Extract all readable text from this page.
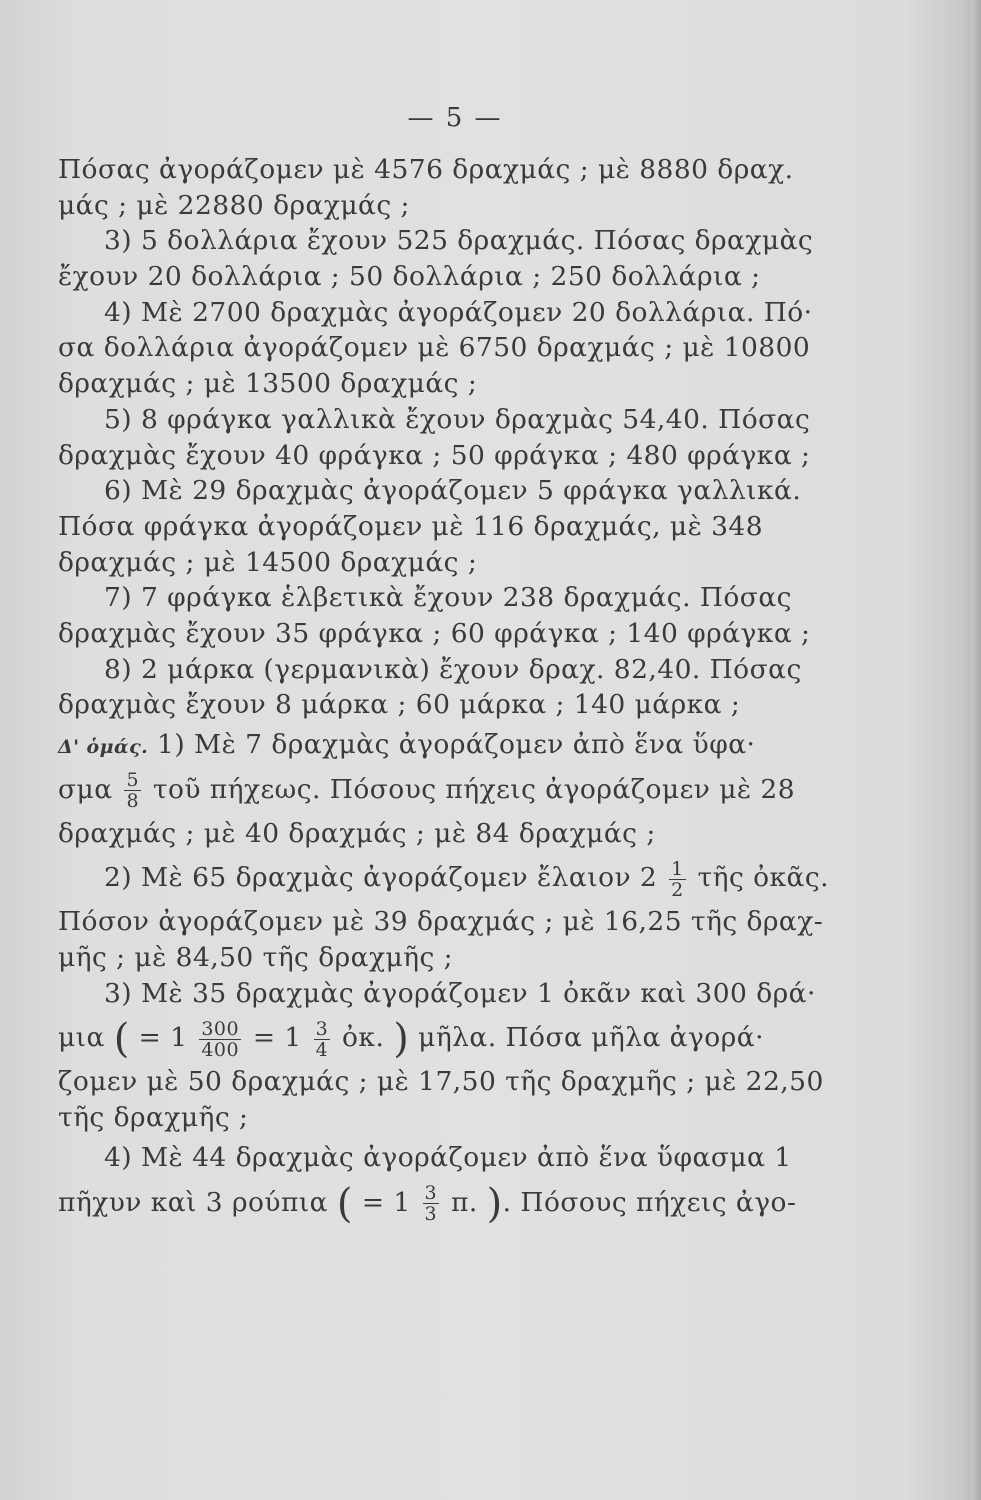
— 5 —
Πόσας ἀγοράζομεν μὲ 4576 δραχμάς ; μὲ 8880 δραχ.
μάς ; μὲ 22880 δραχμάς ;
3) 5 δολλάρια ἔχουν 525 δραχμάς. Πόσας δραχμὰς
ἔχουν 20 δολλάρια ; 50 δολλάρια ; 250 δολλάρια ;
4) Μὲ 2700 δραχμὰς ἀγοράζομεν 20 δολλάρια. Πό·
σα δολλάρια ἀγοράζομεν μὲ 6750 δραχμάς ; μὲ 10800
δραχμάς ; μὲ 13500 δραχμάς ;
5) 8 φράγκα γαλλικὰ ἔχουν δραχμὰς 54,40. Πόσας
δραχμὰς ἔχουν 40 φράγκα ; 50 φράγκα ; 480 φράγκα ;
6) Μὲ 29 δραχμὰς ἀγοράζομεν 5 φράγκα γαλλικά.
Πόσα φράγκα ἀγοράζομεν μὲ 116 δραχμάς, μὲ 348
δραχμάς ; μὲ 14500 δραχμάς ;
7) 7 φράγκα ἑλβετικὰ ἔχουν 238 δραχμάς. Πόσας
δραχμὰς ἔχουν 35 φράγκα ; 60 φράγκα ; 140 φράγκα ;
8) 2 μάρκα (γερμανικὰ) ἔχουν δραχ. 82,40. Πόσας
δραχμὰς ἔχουν 8 μάρκα ; 60 μάρκα ; 140 μάρκα ;
Δ' ὁμάς. 1) Μὲ 7 δραχμὰς ἀγοράζομεν ἀπὸ ἕνα ὕφα·
σμα $\frac{5}{8}$ τοῦ πήχεως. Πόσους πήχεις ἀγοράζομεν μὲ 28
δραχμάς ; μὲ 40 δραχμάς ; μὲ 84 δραχμάς ;
2) Μὲ 65 δραχμὰς ἀγοράζομεν ἔλαιον $2 \frac{1}{2}$ τῆς ὀκᾶς.
Πόσον ἀγοράζομεν μὲ 39 δραχμάς ; μὲ 16,25 τῆς δραχ-
μῆς ; μὲ 84,50 τῆς δραχμῆς ;
3) Μὲ 35 δραχμὰς ἀγοράζομεν 1 ὀκᾶν καὶ 300 δρά·
μια ( = $1 \frac{300}{400} = 1 \frac{3}{4}$ ὀκ. ) μῆλα. Πόσα μῆλα ἀγορά·
ζομεν μὲ 50 δραχμάς ; μὲ 17,50 τῆς δραχμῆς ; μὲ 22,50
τῆς δραχμῆς ;
4) Μὲ 44 δραχμὰς ἀγοράζομεν ἀπὸ ἕνα ὕφασμα 1
πῆχυν καὶ 3 ρούπια ( = $1 \frac{3}{3} \pi$. ). Πόσους πήχεις ἀγο-
